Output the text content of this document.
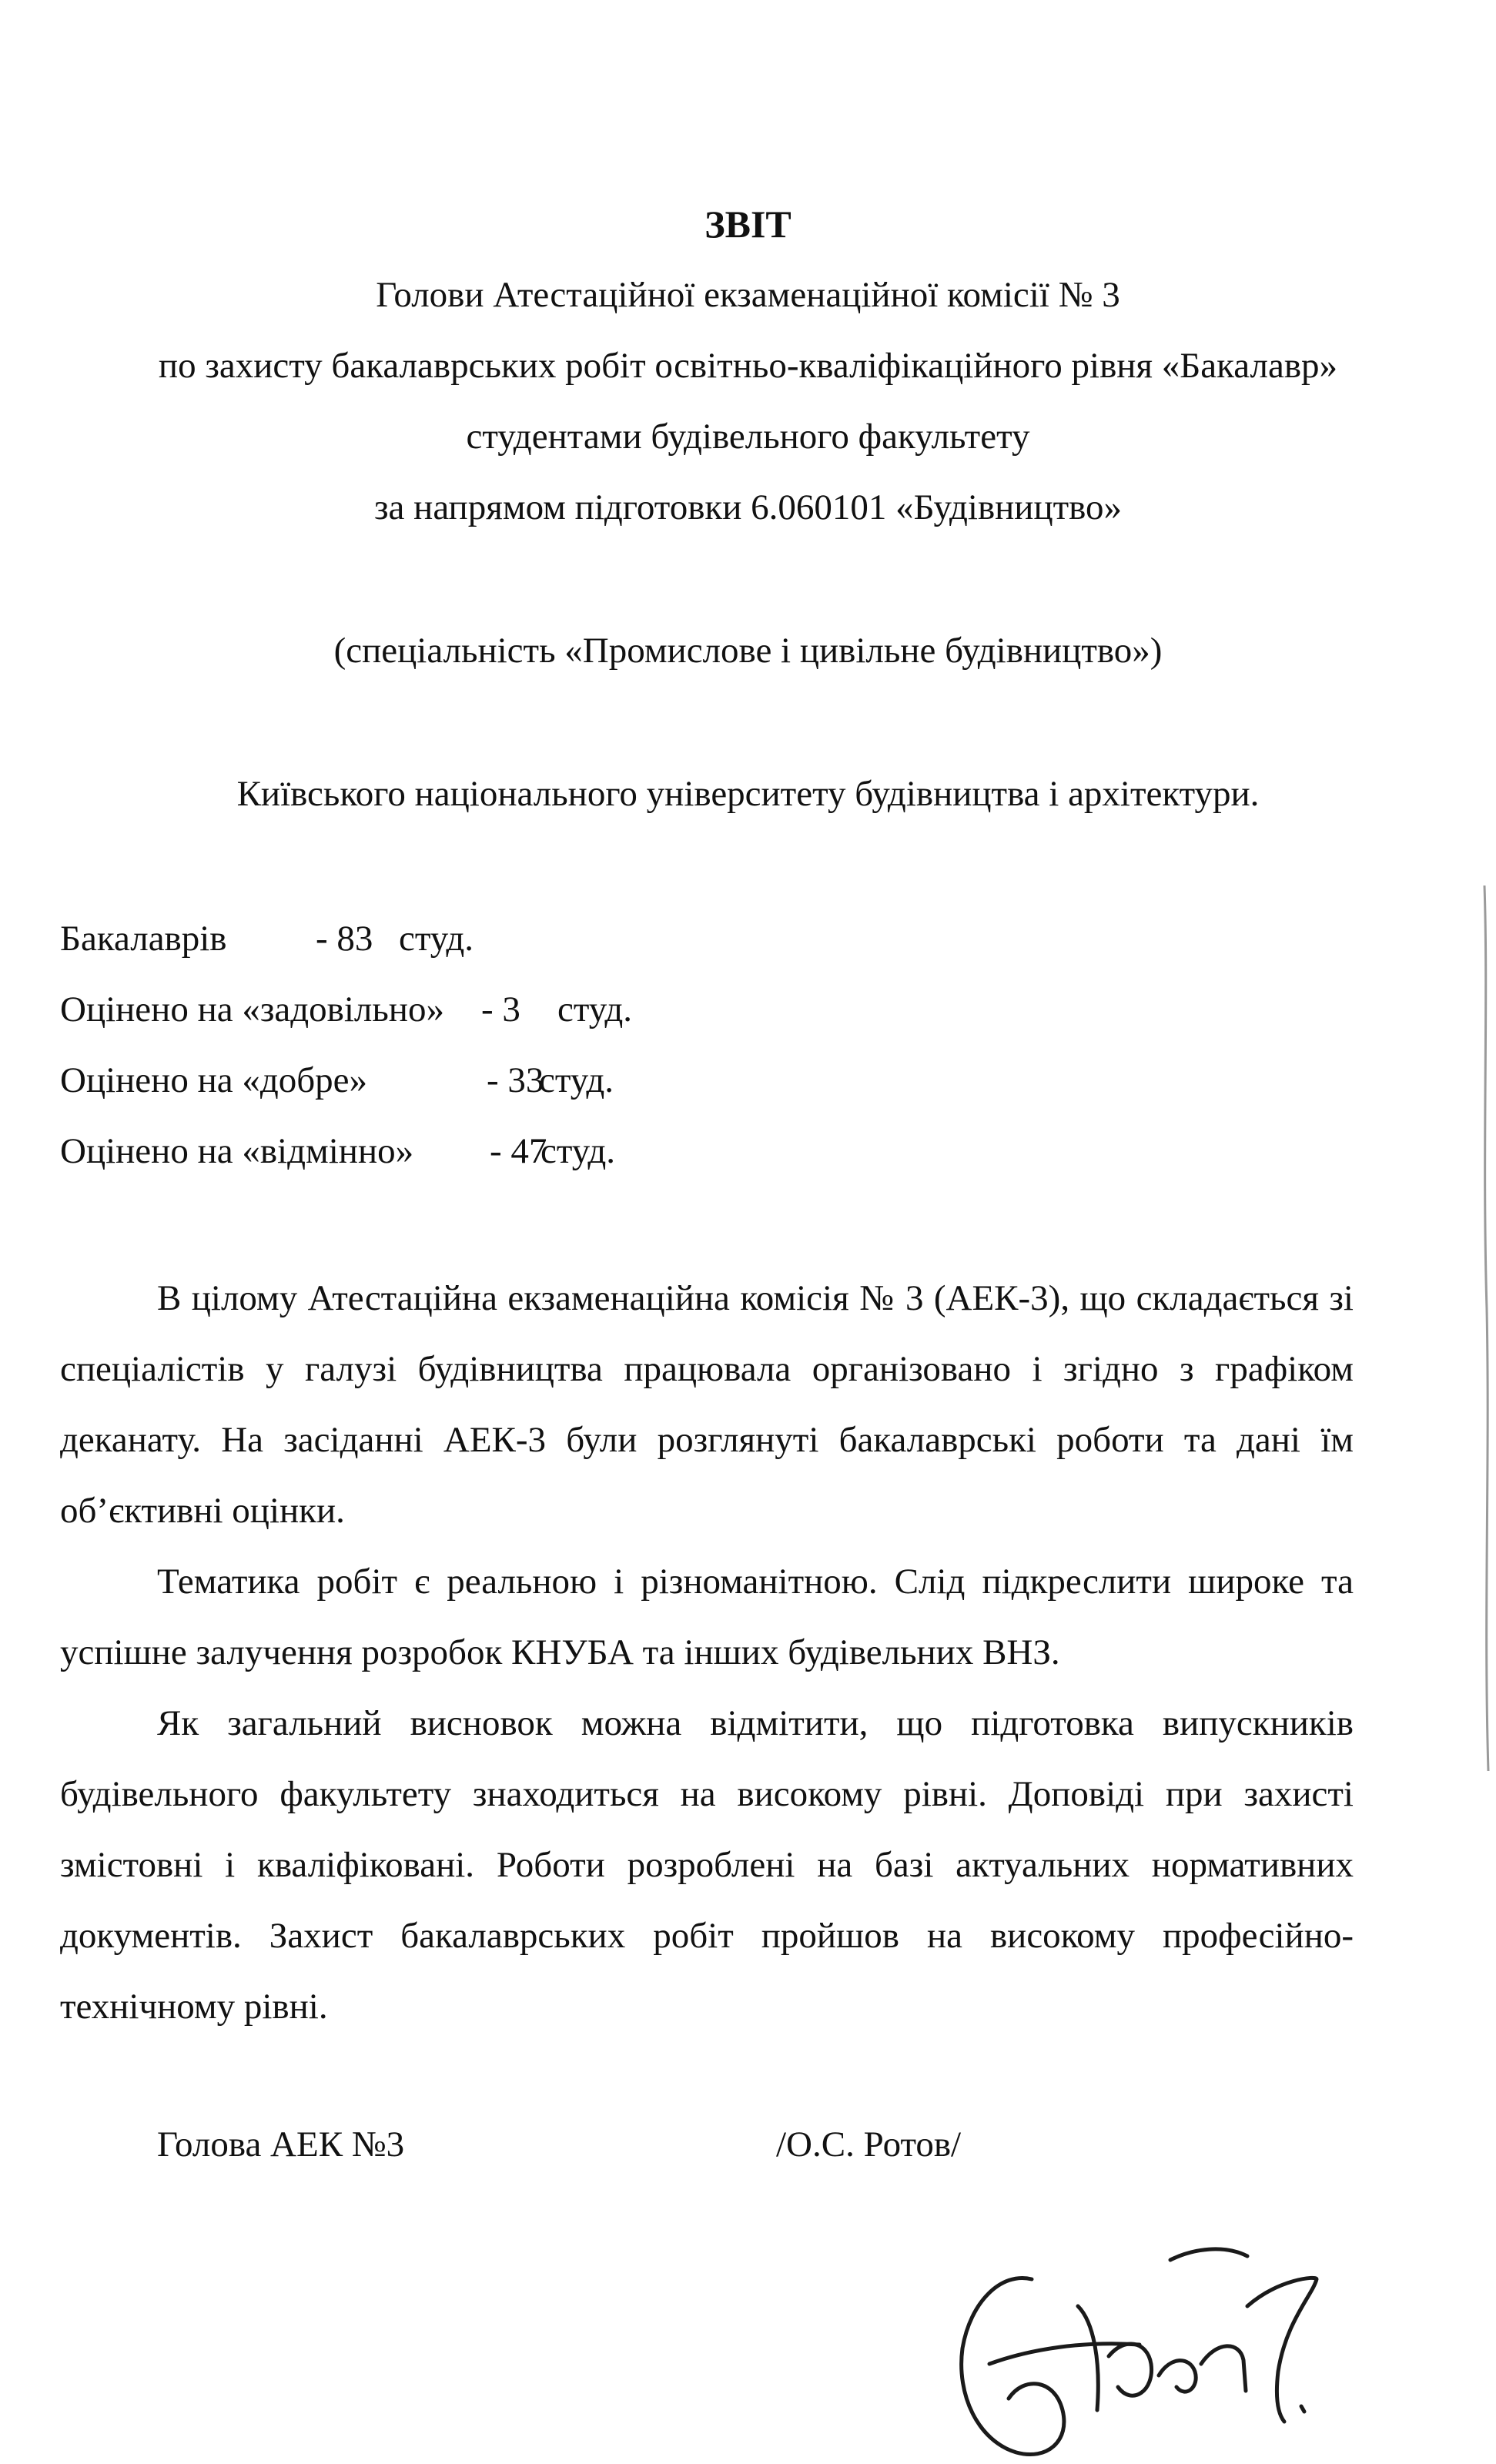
ЗВІТ
Голови Атестаційної екзаменаційної комісії № 3
по захисту бакалаврських робіт освітньо-кваліфікаційного рівня «Бакалавр»
студентами будівельного факультету
за напрямом підготовки 6.060101 «Будівництво»
(спеціальність «Промислове і цивільне будівництво»)
Київського національного університету будівництва і архітектури.
Бакалаврів - 83 студ.
Оцінено на «задовільно» - 3 студ.
Оцінено на «добре»	- 33
студ.
Оцінено на «відмінно» - 47
студ.

В цілому Атестаційна екзаменаційна комісія № 3 (АЕК-3), що складається зі спеціалістів у галузі будівництва працювала організовано і згідно з графіком деканату. На засіданні АЕК-3 були розглянуті бакалаврські роботи та дані їм об’єктивні оцінки.

Тематика робіт є реальною і різноманітною. Слід підкреслити широке та успішне залучення розробок КНУБА та інших будівельних ВНЗ.

Як загальний висновок можна відмітити, що підготовка випускників будівельного факультету знаходиться на високому рівні. Доповіді при захисті змістовні і кваліфіковані. Роботи розроблені на базі актуальних нормативних документів. Захист бакалаврських робіт пройшов на високому професійно-технічному рівні.

Голова АЕК №3	/О.С. Ротов/
